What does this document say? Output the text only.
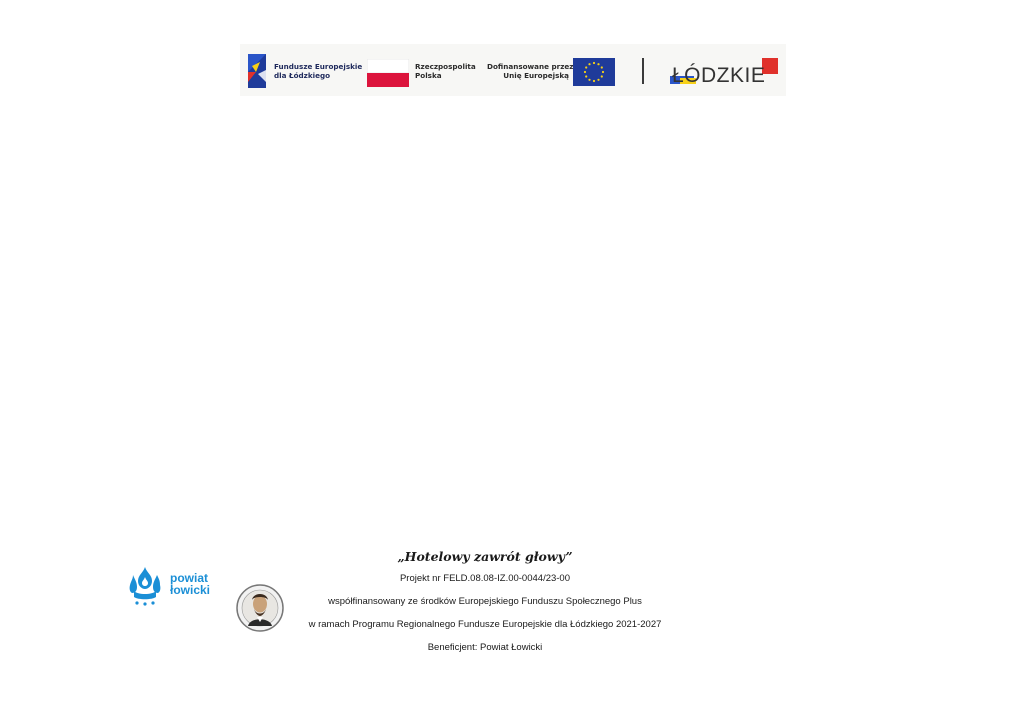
Fundusze Europejskie
dla Łódzkiego
Rzeczpospolita
Polska
Dofinansowane przez
Unię Europejską	ŁÓDZKIE
powiat
łowicki
„Hotelowy zawrót głowy”
Projekt nr FELD.08.08-IZ.00-0044/23-00
współfinansowany ze środków Europejskiego Funduszu Społecznego Plus
w ramach Programu Regionalnego Fundusze Europejskie dla Łódzkiego 2021-2027
Beneficjent: Powiat Łowicki
